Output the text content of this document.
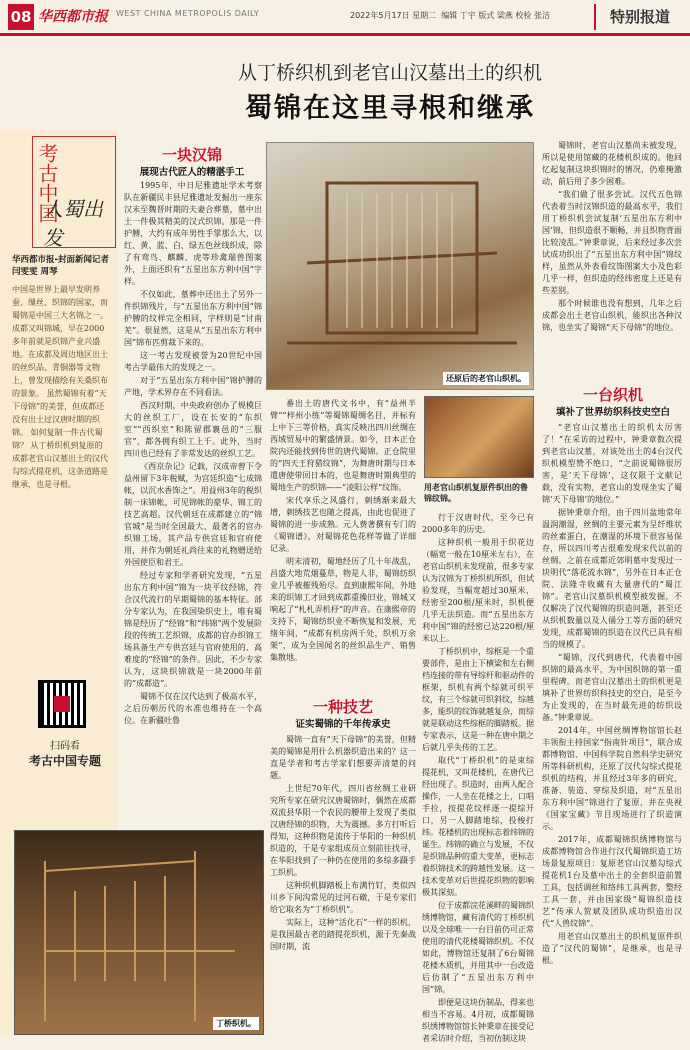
08 华西都市报 WEST CHINA METROPOLIS DAILY	2022年5月17日 星期二 编辑 丁宇 版式 梁燕 校检 张洁	特别报道
从丁桥织机到老官山汉墓出土的织机
蜀锦在这里寻根和继承
考古中国
人蜀出发
华西都市报-封面新闻记者 闫雯雯 周琴
中国是世界上最早发明养蚕、缫丝、织锦的国家，而蜀锦是中国三大名锦之一。成都又叫锦城，早在2000多年前就是织锦产业兴盛地。在成都及周边地区出土的丝织品、青铜器等文物上，曾发现描绘有关桑织布的景象。 虽然蜀锦有着“天下母锦”的美誉，但成都还没有出土过汉唐时期的织锦。 如何复制一件古代蜀锦？ 从丁桥织机到复原的成都老官山汉墓出土的汉代勾综式提花机，这条道路是继承，也是寻根。
扫码看
考古中国专题
丁桥织机。
一块汉锦
展现古代匠人的精湛手工

1995年，中日尼雅遗址学术考察队在新疆民丰县尼雅遗址发掘出一座东汉末至魏晋时期的夫妻合葬墓，墓中出土一件极其精美的汉式织锦。那是一件护膊，大约有成年男性手掌那么大，以红、黄、蓝、白、绿五色丝线织成，除了有鸾鸟、麒麟、虎等珍禽瑞兽图案外，上面还织有“五星出东方利中国”字样。

不仅如此，墓葬中还出土了另外一件织锦残片，与“五星出东方利中国”锦护膊的纹样完全相同，字样则是“讨南羌”。很显然，这是从“五星出东方利中国”锦布匹剪裁下来的。

这一考古发现被誉为20世纪中国考古学最伟大的发现之一。

对于“五星出东方利中国”锦护膊的产地，学术界存在不同看法。

西汉时期，中央政府创办了规模巨大的丝织工厂，设在长安的“东织室”“西织室”和陈留郡襄邑的“三服官”，都各拥有织工上千。此外，当时四川也已经有了非常发达的丝织工艺。

《西京杂记》记载，汉成帝曾下令益州留下3年税赋，为宫廷织造“七成锦帐，以沉水香饰之”。用益州3年的税织制一床锦帐，可见锦帐的豪华、锦工的技艺高超。汉代朝廷在成都建立的“锦官城”是当时全国最大、最著名的官办织锦工场，其产品专供宫廷和官府使用，并作为朝廷礼尚往来的礼物赠送给外国使臣和君王。

经过专家和学者研究发现，“五星出东方利中国”锦为一块平纹经锦，符合汉代流行的早期蜀锦的基本特征。部分专家认为，在我国染织史上，唯有蜀锦是经历了“经锦”和“纬锦”两个发展阶段的传统工艺织锦，成都的官办织锦工场具备生产专供宫廷与官府使用的、高难度的“经锦”的条件。因此，不少专家认为，这块织锦就是一块2000年前的“成都造”。

蜀锦不仅在汉代达到了极高水平，之后历朝历代的水准也维持在一个高位。在新疆吐鲁

还原后的老官山织机。

番出土的唐代文书中，有“益州半臂”“梓州小练”等蜀锦蜀绸名目，并标有上中下三等价格，真实反映出四川丝绸在西域贸易中的繁盛情景。如今，日本正仓院内还能找到传世的唐代蜀锦。正仓院里的“四天王狩猎纹锦”，为舞唐时期与日本遣唐使带回日本的，也是舞唐时期典型的蜀地生产的织锦——“凌阳公样”纹饰。

宋代享乐之风盛行，刺绣渐来最大增，刺绣技艺也随之提高，由此也促进了蜀锦的进一步成熟。元人费著撰有专门的《蜀锦谱》，对蜀锦花色花样等做了详细记录。

明末清初，蜀地经历了几十年战乱，昌盛大地荒烟蔓草，物是人非，蜀锦纺织业几乎被摧残殆尽。直到康熙年间，外地来的织锦工才回到成都重操旧业，锦城又响起了“札札弄机杼”的声音。在康熙帝的支持下，蜀锦纺织业不断恢复和发展，光绪年间，“成都有机房两千处，织机万余架”，成为全国闻名的丝织品生产、销售集散地。

用老官山织机复原件织出的鲁锦纹锦。
一种技艺
证实蜀锦的千年传承史

蜀锦一直有“天下母锦”的美誉，但精美的蜀锦是用什么机器织造出来的？这一直是学者和考古学家们想要弄清楚的问题。

上世纪70年代，四川省丝绸工业研究所专家在研究汉唐蜀锦时，偶然在成都双流县华阳一个农民的腰带上发现了类似汉唐经锦的织物，大为震撼。多方打听后得知，这种织物是流传于华阳的一种织机织造的，于是专家组成员立刻前往找寻，在华阳找到了一种仍在使用的多综多蹑手工织机。

这种织机脚踏板上布满竹钉，类似四川乡下间沟常见的过河石礅，于是专家们给它取名为“丁桥织机”。

实际上，这种“活化石”一样的织机，是我国最古老的踏提花织机，源于先秦战国时期，流

行于汉唐时代，至今已有2000多年的历史。

这种织机一般用于织花边（幅宽一般在10厘米左右），在老官山织机未发现前，很多专家认为汉锦为丁桥织机所织，但试验发现，当幅宽超过30厘米，经密至200根/厘米时，织机便几乎无法织造。而“五星出东方利中国”锦的经密已达220根/厘米以上。

丁桥织机中，综框是一个重要部件，是由上下横梁和左右侧档连接的带有导综杆和驱动件的框架，织机有两个综就可织平纹，有三个综就可织斜纹，综越多，能织的纹饰就越复杂，而综就是联动这些综框的脚踏板。据专家表示，这是一种在唐中期之后就几乎失传的工艺。

取代“丁桥织机”的是束综提花机，又叫花楼机，在唐代已经出现了。织造时，由两人配合操作，一人坐在花楼之上，口唱手拉，按提花纹样逐一提综开口，另一人脚踏地综，投梭打纬。花楼机的出现标志着纬锦的诞生。纬锦的确立与发展，不仅是织锦品种的重大变革，更标志着织锦技术的跨越性发展。这一技术变革对后世提花织物的影响极其深刻。

位于成都浣花溪畔的蜀锦织绣博物馆，藏有清代的丁桥织机以及全球唯一一台目前仍可正常使用的清代花楼蜀锦织机。不仅如此，博物馆还复制了6台蜀锦花楼木质机，并用其中一台改造后仿制了“五星出东方利中国”锦。

即便是这块仿制品，得来也相当不容易。4月初，成都蜀锦织绣博物馆馆长钟秉章在接受记者采访时介绍，当初仿制这块

蜀锦时，老官山汉墓尚未被发现，所以是使用馆藏的花楼机织成的。他回忆起复制这块织锦时的情况，仍难掩激动，前后用了多少困难。

“我们做了很多尝试。汉代五色锦代表着当时汉锦织造的最高水平，我们用丁桥织机尝试复制‘五星出东方利中国’锦，但织造很不顺畅，并且织物背面比较凌乱。”钟秉章说，后来经过多次尝试成功织出了“五星出东方利中国”锦纹样，虽然从外表看纹饰图案大小及色彩几乎一样，但织造的经纬密度上还是有些差别。

那个时候谁也没有想到，几年之后成都会出土老官山织机，能织出各种汉锦，也坐实了蜀锦“天下母锦”的地位。

一台织机
填补了世界纺织科技史空白

“老官山汉墓出土的织机太厉害了！”在采访的过程中，钟秉章数次提到老官山汉墓，对该处出土的4台汉代织机模型赞不绝口，“之前说蜀锦很厉害，是‘天下母锦’，这仅限于文献记载，没有实物，老官山的发现坐实了蜀锦‘天下母锦’的地位。”

据钟秉章介绍，由于四川盆地常年温润潮湿，丝绸的主要元素为呈纤维状的丝素蛋白，在潮湿的环境下很容易保存，所以四川考古很难发现宋代以前的丝绸。之前在成都近郊明墓中发现过一块明代“落花流水锦”，另外在日本正仓院、法隆寺收藏有大量唐代的“蜀江锦”。老官山汉墓织机模型被发掘，不仅解决了汉代蜀锦的织造问题，甚至还从织机数量以及人俑分工等方面的研究发现，成都蜀锦的织造在汉代已具有相当的规模了。

“蜀锦，汉代到唐代，代表着中国织锦的最高水平，为中国织锦的第一重里程碑。而老官山汉墓出土的织机更是填补了世界纺织科技史的空白，是至今为止发现的，在当时最先进的纺织设备。”钟秉章说。

2014年，中国丝绸博物馆馆长赵丰领衔主持国家“指南针项目”，联合成都博物馆、中国科学院自然科学史研究所等科研机构，还原了汉代勾综式提花织机的结构，并且经过3年多的研究、准备、装造、穿综及织造，对“五星出东方利中国”锦进行了复原，并在央视《国家宝藏》节目现场进行了织造演示。

2017年，成都蜀锦织绣博物馆与成都博物馆合作进行汉代蜀锦织造工坊场景复原项目：复原老官山汉墓勾综式提花机1台及墓中出土的全套织造前置工具，包括调丝和络纬工具两套，整经工具一套，并由国家级“蜀锦织造技艺”传承人贺斌及团队成功织造出汉代“人兽纹锦”。

用老官山汉墓出土的织机复原件织造了“汉代的蜀锦”，是继承，也是寻根。
